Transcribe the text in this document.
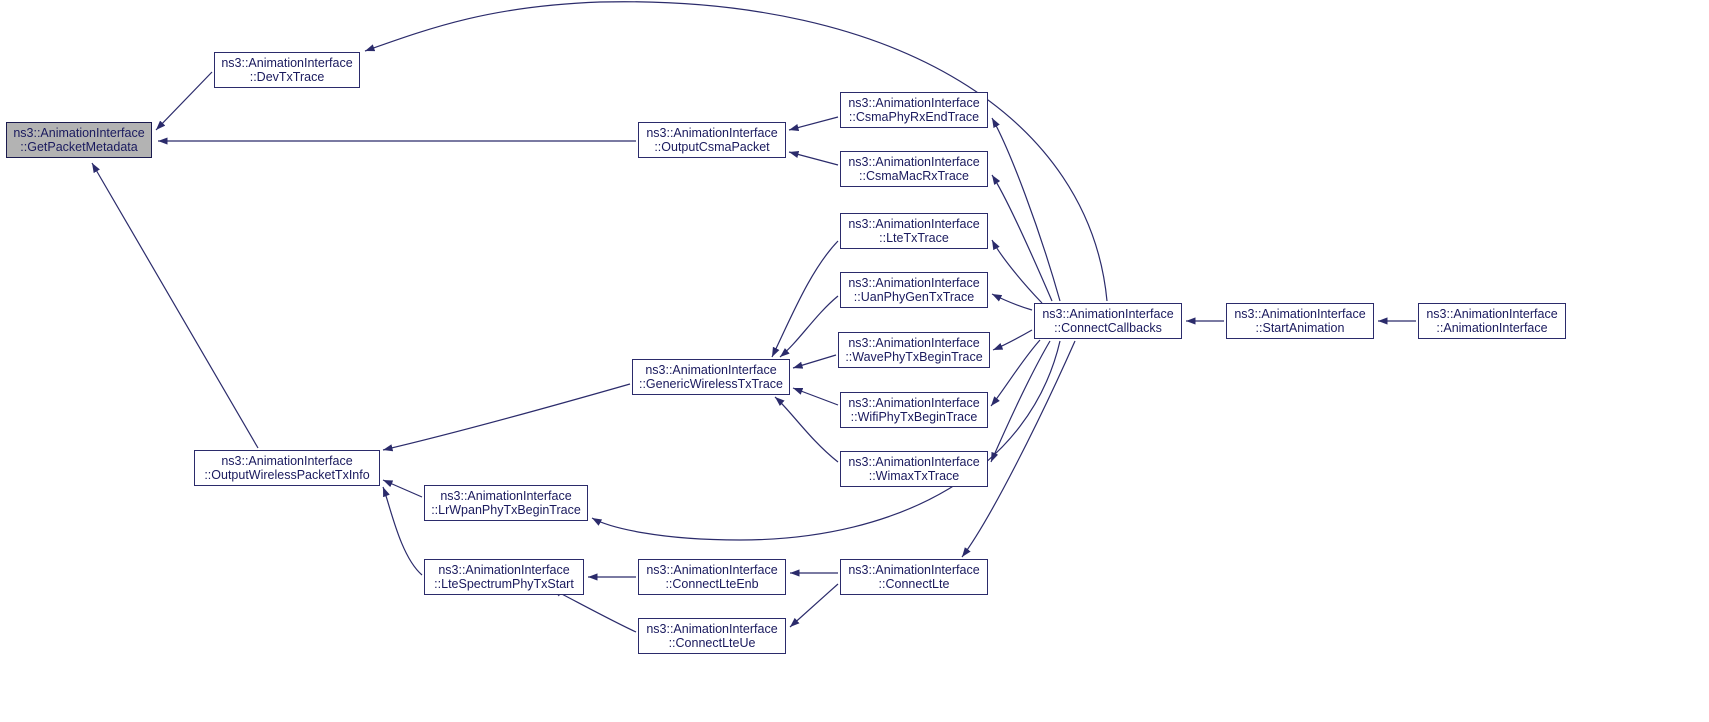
ns3::AnimationInterface
::GetPacketMetadata
ns3::AnimationInterface
::DevTxTrace
ns3::AnimationInterface
::OutputCsmaPacket
ns3::AnimationInterface
::CsmaPhyRxEndTrace
ns3::AnimationInterface
::CsmaMacRxTrace
ns3::AnimationInterface
::LteTxTrace
ns3::AnimationInterface
::UanPhyGenTxTrace
ns3::AnimationInterface
::WavePhyTxBeginTrace
ns3::AnimationInterface
::GenericWirelessTxTrace
ns3::AnimationInterface
::WifiPhyTxBeginTrace
ns3::AnimationInterface
::WimaxTxTrace
ns3::AnimationInterface
::ConnectCallbacks
ns3::AnimationInterface
::StartAnimation
ns3::AnimationInterface
::AnimationInterface
ns3::AnimationInterface
::OutputWirelessPacketTxInfo
ns3::AnimationInterface
::LrWpanPhyTxBeginTrace
ns3::AnimationInterface
::LteSpectrumPhyTxStart
ns3::AnimationInterface
::ConnectLteEnb
ns3::AnimationInterface
::ConnectLteUe
ns3::AnimationInterface
::ConnectLte
